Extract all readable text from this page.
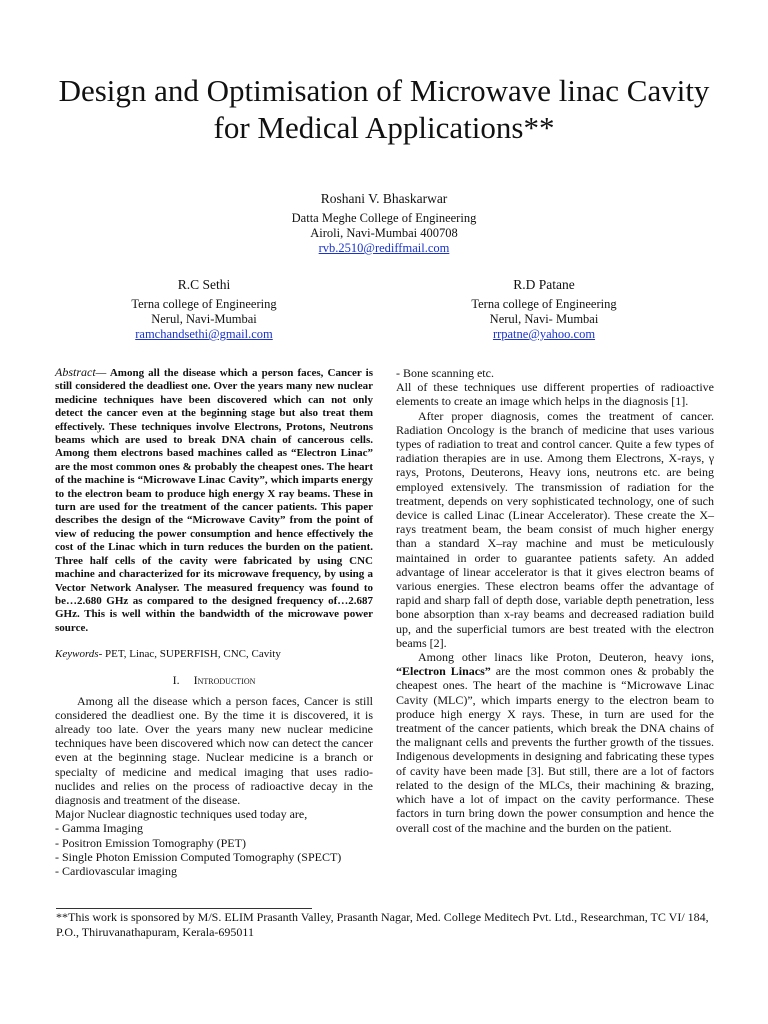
Design and Optimisation of Microwave linac Cavity for Medical Applications**
Roshani V. Bhaskarwar
Datta Meghe College of Engineering
Airoli, Navi-Mumbai 400708
rvb.2510@rediffmail.com
R.C Sethi
Terna college of Engineering
Nerul, Navi-Mumbai
ramchandsethi@gmail.com
R.D Patane
Terna college of Engineering
Nerul, Navi- Mumbai
rrpatne@yahoo.com

Abstract— Among all the disease which a person faces, Cancer is still considered the deadliest one. Over the years many new nuclear medicine techniques have been discovered which can not only detect the cancer even at the beginning stage but also treat them effectively. These techniques involve Electrons, Protons, Neutrons beams which are used to break DNA chain of cancerous cells. Among them electrons based machines called as “Electron Linac” are the most common ones & probably the cheapest ones. The heart of the machine is “Microwave Linac Cavity”, which imparts energy to the electron beam to produce high energy X ray beams. These in turn are used for the treatment of the cancer patients. This paper describes the design of the “Microwave Cavity” from the point of view of reducing the power consumption and hence effectively the cost of the Linac which in turn reduces the burden on the patient. Three half cells of the cavity were fabricated by using CNC machine and characterized for its microwave frequency, by using a Vector Network Analyser. The measured frequency was found to be…2.680 GHz as compared to the designed frequency of…2.687 GHz. This is well within the bandwidth of the microwave power source.

Keywords- PET, Linac, SUPERFISH, CNC, Cavity

I. Introduction

Among all the disease which a person faces, Cancer is still considered the deadliest one. By the time it is discovered, it is already too late. Over the years many new nuclear medicine techniques have been discovered which now can detect the cancer even at the beginning stage. Nuclear medicine is a branch or specialty of medicine and medical imaging that uses radio-nuclides and relies on the process of radioactive decay in the diagnosis and treatment of the disease.

Major Nuclear diagnostic techniques used today are,

- Gamma Imaging

- Positron Emission Tomography (PET)

- Single Photon Emission Computed Tomography (SPECT)

- Cardiovascular imaging

- Bone scanning etc.

All of these techniques use different properties of radioactive elements to create an image which helps in the diagnosis [1].

After proper diagnosis, comes the treatment of cancer. Radiation Oncology is the branch of medicine that uses various types of radiation to treat and control cancer. Quite a few types of radiation therapies are in use. Among them Electrons, X-rays, γ rays, Protons, Deuterons, Heavy ions, neutrons etc. are being employed extensively. The transmission of radiation for the treatment, depends on very sophisticated technology, one of such device is called Linac (Linear Accelerator). These create the X–rays treatment beam, the beam consist of much higher energy than a standard X–ray machine and must be meticulously maintained in order to guarantee patients safety. An added advantage of linear accelerator is that it gives electron beams of various energies. These electron beams offer the advantage of rapid and sharp fall of depth dose, variable depth penetration, less bone absorption than x-ray beams and decreased radiation build up, and the superficial tumors are best treated with the electron beams [2].

Among other linacs like Proton, Deuteron, heavy ions, “Electron Linacs” are the most common ones & probably the cheapest ones. The heart of the machine is “Microwave Linac Cavity (MLC)”, which imparts energy to the electron beam to produce high energy X rays. These, in turn are used for the treatment of the cancer patients, which break the DNA chains of the malignant cells and prevents the further growth of the tissues. Indigenous developments in designing and fabricating these types of cavity have been made [3]. But still, there are a lot of factors related to the design of the MLCs, their machining & brazing, which have a lot of impact on the cavity performance. These factors in turn bring down the power consumption and hence the overall cost of the machine and the burden on the patient.

**This work is sponsored by M/S. ELIM Prasanth Valley, Prasanth Nagar, Med. College Meditech Pvt. Ltd., Researchman, TC VI/ 184, P.O., Thiruvanathapuram, Kerala-695011
